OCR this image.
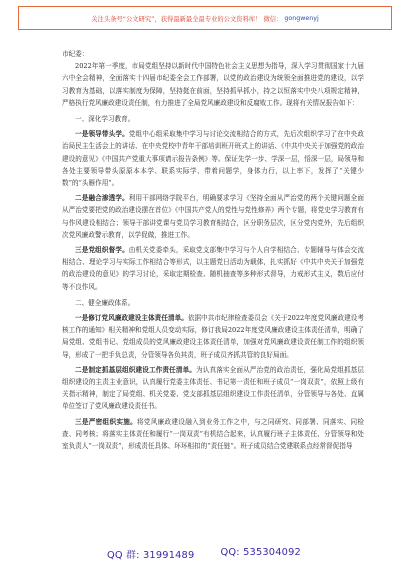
关注头条号“公文研究”，获得最新最全最专业的公文资料库！ 微信： gongwenyj

市纪委：

2022年第一季度，市局党组坚持以新时代中国特色社会主义思想为指导，深入学习贯彻国家十九届六中全会精神，全面落实十四届市纪委全会工作部署，以党的政治建设为统领全面推进党的建设，以学习教育为基础，以落实制度为保障，坚持挺在前面，坚持抓早抓小，持之以恒落实中央八项规定精神，严格执行党风廉政建设责任制，有力推进了全局党风廉政建设和反腐败工作。现将有关情况报告如下：

一、深化学习教育。

一是领导带头学。党组中心组采取集中学习与讨论交流相结合的方式，先后次组织学习了在中央政治局民主生活会上的讲话、在中央党校中青年干部培训班开班式上的讲话、《中共中央关于加强党的政治建设的意见》《中国共产党重大事项请示报告条例》等。保证先学一步、学深一层，悟深一层，局领导和各处主要领导带头原原本本学、联系实际学、带着问题学，身体力行，以上率下，发挥了“关键少数”的“头雁作用”。

二是融合渗透学。利用干部网络学院平台，明确要求学习《坚持全面从严治党的两个关键问题全面从严治党要把党的政治建设摆在首位》《中国共产党人的党性与党性修养》两个专题，将党史学习教育有与作风建设相结合；领导干部讲党课与党员学习教育相结合，区分职务层次，区分党内党外，先后组织次党风廉政警示教育，以学促做，推进工作。

三是党组织督学。由机关党委牵头，采取党支部集中学习与个人自学相结合、专题辅导与体会交流相结合、理论学习与实际工作相结合等形式，以主题党日活动为载体，扎实抓好《中共中央关于加强党的政治建设的意见》的学习讨论，采取定期检查、随机抽查等多种形式督导，力戒形式主义，数后应付等不良作风。

二、健全廉政体系。

一是修订党风廉政建设主体责任清单。依据中共市纪律检查委员会《关于2022年度党风廉政建设考核工作的通知》相关精神和党组人员变动实际，修订我局2022年度党风廉政建设主体责任清单，明确了局党组、党组书记、党组成员的党风廉政建设主体责任清单，加强对党风廉政建设责任制工作的组织领导，形成了一把手负总责，分管领导各负其责，班子成员齐抓共管的良好局面。

二是制定抓基层组织建设工作责任清单。为认真落实全面从严治党的政治责任，强化局党组抓基层组织建设的主责主业意识，认真履行党委主体责任、书记第一责任和班子成员“一岗双责”，依照上级有关指示精神，制定了局党组、机关党委、党支部抓基层组织建设工作责任清单，分管领导与各处、直属单位签订了党风廉政建设责任书。

三是严密组织实施。将党风廉政建设融入到业务工作之中，与之同研究、同部署、同落实、同检查、同考核；将落实主体责任和履行“一岗双责”有机结合起来，认真履行班子主体责任、分管领导和处室负责人“一岗双责”，形成责任具体、环环相扣的“责任链”。班子成员结合党建联系点经常督促指导

QQ 群: 31991489	QQ: 535304092
